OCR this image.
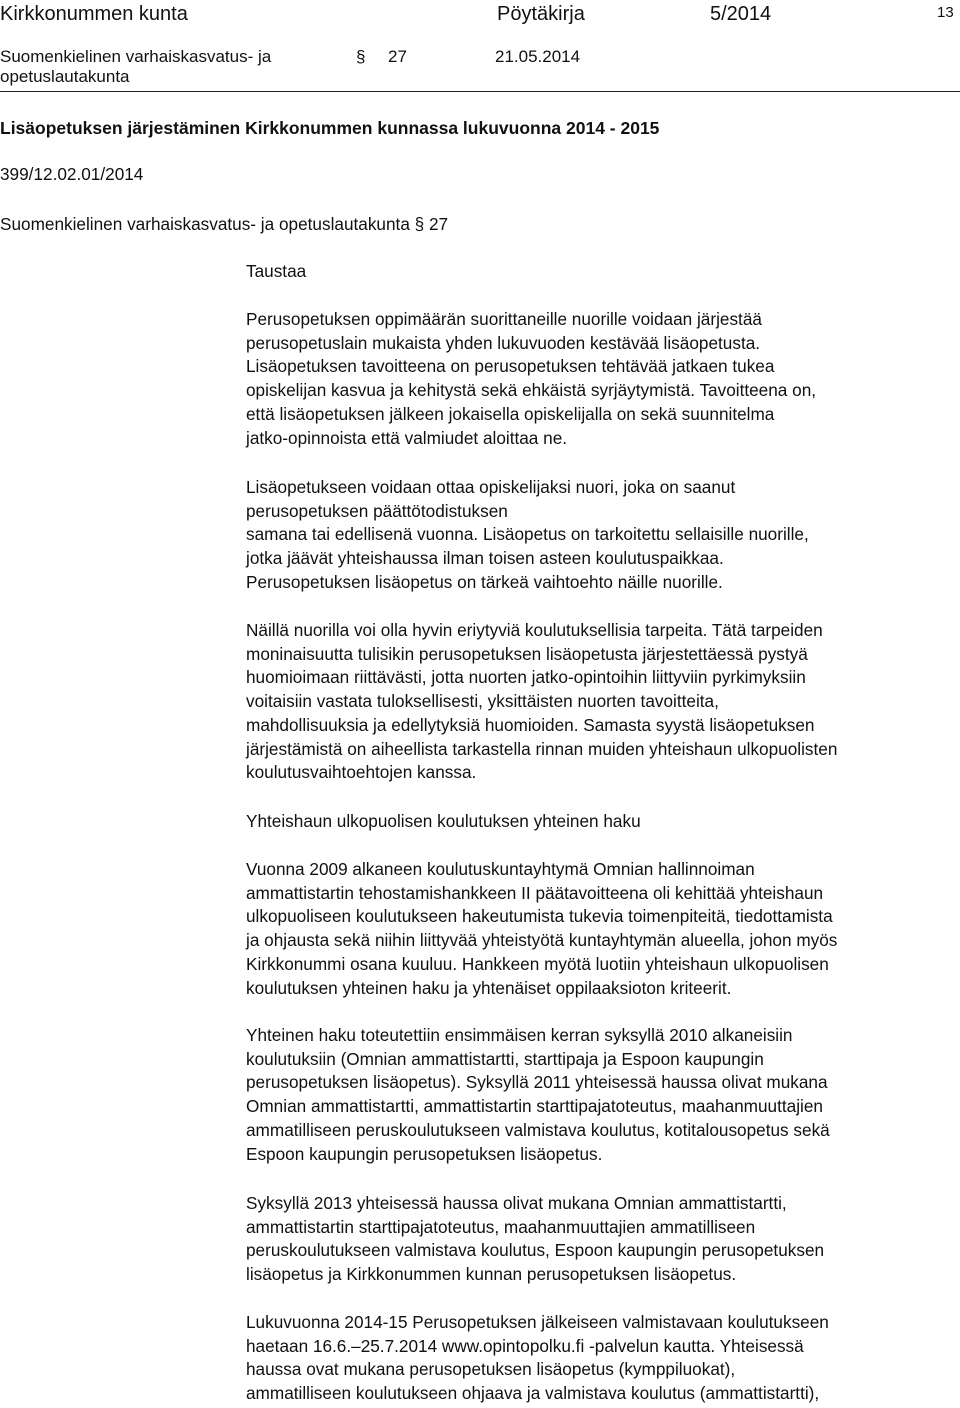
Kirkkonummen kunta	Pöytäkirja	5/2014	13
Suomenkielinen varhaiskasvatus- ja
opetuslautakunta
§ 27	21.05.2014
Lisäopetuksen järjestäminen Kirkkonummen kunnassa lukuvuonna 2014 - 2015
399/12.02.01/2014
Suomenkielinen varhaiskasvatus- ja opetuslautakunta § 27

Taustaa

Perusopetuksen oppimäärän suorittaneille nuorille voidaan järjestää
perusopetuslain mukaista yhden lukuvuoden kestävää lisäopetusta.
Lisäopetuksen tavoitteena on perusopetuksen tehtävää jatkaen tukea
opiskelijan kasvua ja kehitystä sekä ehkäistä syrjäytymistä. Tavoitteena on,
että lisäopetuksen jälkeen jokaisella opiskelijalla on sekä suunnitelma
jatko-opinnoista että valmiudet aloittaa ne.

Lisäopetukseen voidaan ottaa opiskelijaksi nuori, joka on saanut
perusopetuksen päättötodistuksen
samana tai edellisenä vuonna. Lisäopetus on tarkoitettu sellaisille nuorille,
jotka jäävät yhteishaussa ilman toisen asteen koulutuspaikkaa.
Perusopetuksen lisäopetus on tärkeä vaihtoehto näille nuorille.

Näillä nuorilla voi olla hyvin eriytyviä koulutuksellisia tarpeita. Tätä tarpeiden
moninaisuutta tulisikin perusopetuksen lisäopetusta järjestettäessä pystyä
huomioimaan riittävästi, jotta nuorten jatko-opintoihin liittyviin pyrkimyksiin
voitaisiin vastata tuloksellisesti, yksittäisten nuorten tavoitteita,
mahdollisuuksia ja edellytyksiä huomioiden. Samasta syystä lisäopetuksen
järjestämistä on aiheellista tarkastella rinnan muiden yhteishaun ulkopuolisten
koulutusvaihtoehtojen kanssa.

Yhteishaun ulkopuolisen koulutuksen yhteinen haku

Vuonna 2009 alkaneen koulutuskuntayhtymä Omnian hallinnoiman
ammattistartin tehostamishankkeen II päätavoitteena oli kehittää yhteishaun
ulkopuoliseen koulutukseen hakeutumista tukevia toimenpiteitä, tiedottamista
ja ohjausta sekä niihin liittyvää yhteistyötä kuntayhtymän alueella, johon myös
Kirkkonummi osana kuuluu. Hankkeen myötä luotiin yhteishaun ulkopuolisen
koulutuksen yhteinen haku ja yhtenäiset oppilaaksioton kriteerit.

Yhteinen haku toteutettiin ensimmäisen kerran syksyllä 2010 alkaneisiin
koulutuksiin (Omnian ammattistartti, starttipaja ja Espoon kaupungin
perusopetuksen lisäopetus). Syksyllä 2011 yhteisessä haussa olivat mukana
Omnian ammattistartti, ammattistartin starttipajatoteutus, maahanmuuttajien
ammatilliseen peruskoulutukseen valmistava koulutus, kotitalousopetus sekä
Espoon kaupungin perusopetuksen lisäopetus.

Syksyllä 2013 yhteisessä haussa olivat mukana Omnian ammattistartti,
ammattistartin starttipajatoteutus, maahanmuuttajien ammatilliseen
peruskoulutukseen valmistava koulutus, Espoon kaupungin perusopetuksen
lisäopetus ja Kirkkonummen kunnan perusopetuksen lisäopetus.

Lukuvuonna 2014-15 Perusopetuksen jälkeiseen valmistavaan koulutukseen
haetaan 16.6.–25.7.2014 www.opintopolku.fi -palvelun kautta. Yhteisessä
haussa ovat mukana perusopetuksen lisäopetus (kymppiluokat),
ammatilliseen koulutukseen ohjaava ja valmistava koulutus (ammattistartti),
